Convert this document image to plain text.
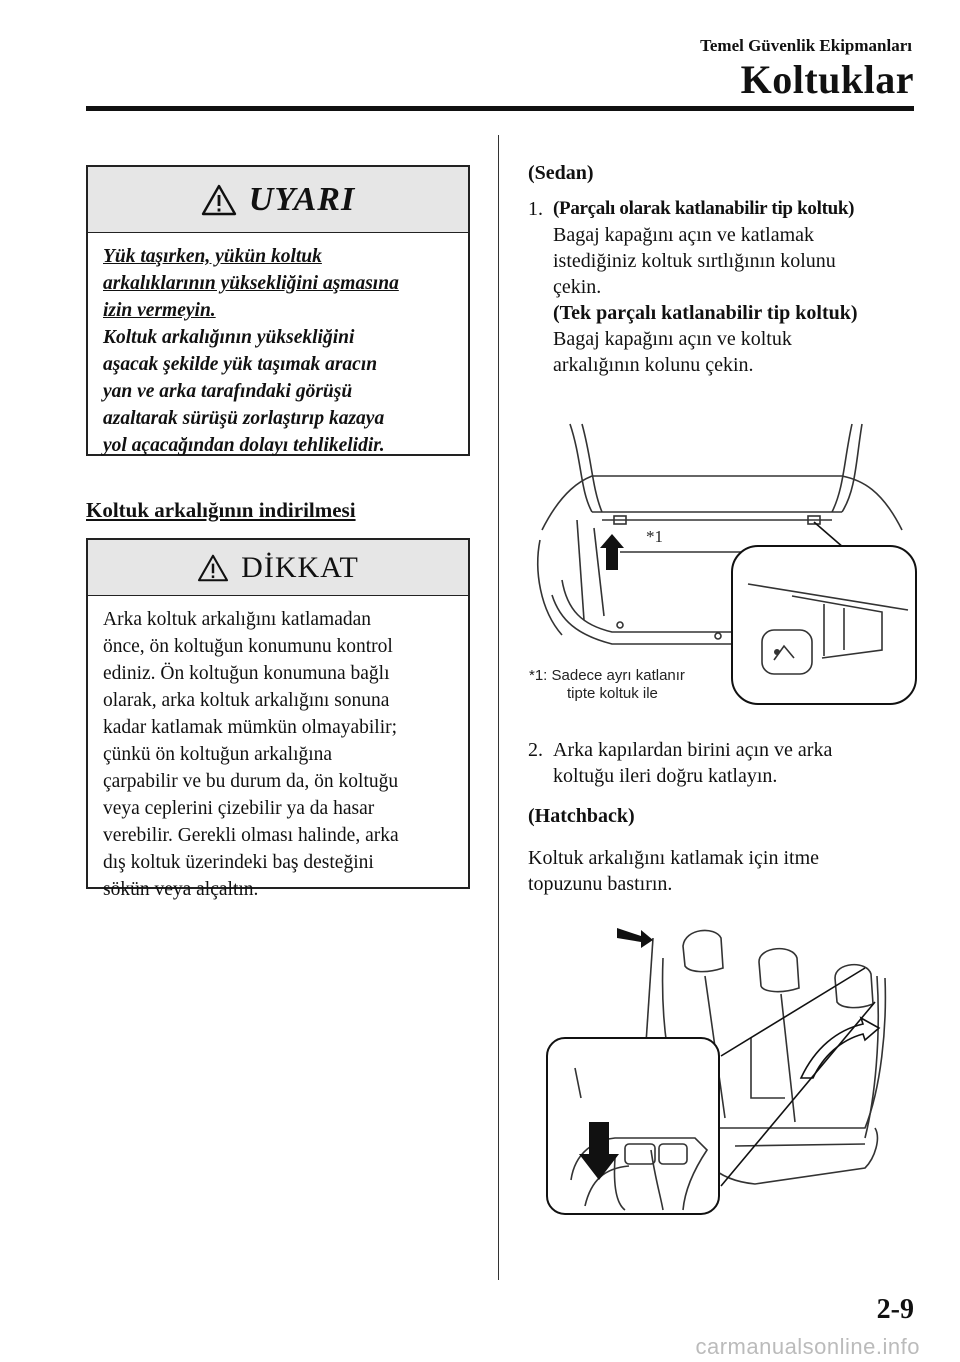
Temel Güvenlik Ekipmanları
Koltuklar
UYARI
Yük taşırken, yükün koltuk
arkalıklarının yüksekliğini aşmasına
izin vermeyin.
Koltuk arkalığının yüksekliğini
aşacak şekilde yük taşımak aracın
yan ve arka tarafındaki görüşü
azaltarak sürüşü zorlaştırıp kazaya
yol açacağından dolayı tehlikelidir.
Koltuk arkalığının indirilmesi
DİKKAT
Arka koltuk arkalığını katlamadan
önce, ön koltuğun konumunu kontrol
ediniz. Ön koltuğun konumuna bağlı
olarak, arka koltuk arkalığını sonuna
kadar katlamak mümkün olmayabilir;
çünkü ön koltuğun arkalığına
çarpabilir ve bu durum da, ön koltuğu
veya ceplerini çizebilir ya da hasar
verebilir. Gerekli olması halinde, arka
dış koltuk üzerindeki baş desteğini
sökün veya alçaltın.
(Sedan)
1. (Parçalı olarak katlanabilir tip koltuk)
Bagaj kapağını açın ve katlamak
istediğiniz koltuk sırtlığının kolunu
çekin.
(Tek parçalı katlanabilir tip koltuk)
Bagaj kapağını açın ve koltuk
arkalığının kolunu çekin.
*1
*1: Sadece ayrı katlanır
tipte koltuk ile
2. Arka kapılardan birini açın ve arka
koltuğu ileri doğru katlayın.
(Hatchback)
Koltuk arkalığını katlamak için itme
topuzunu bastırın.
2-9
carmanualsonline.info
